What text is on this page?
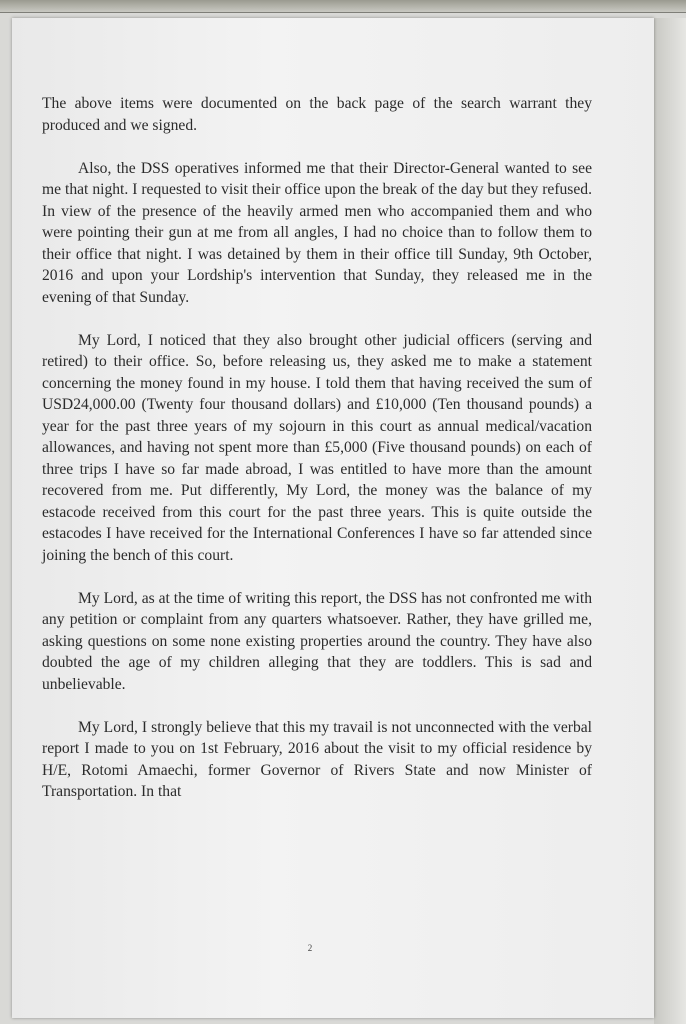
The above items were documented on the back page of the search warrant they produced and we signed.

Also, the DSS operatives informed me that their Director-General wanted to see me that night. I requested to visit their office upon the break of the day but they refused. In view of the presence of the heavily armed men who accompanied them and who were pointing their gun at me from all angles, I had no choice than to follow them to their office that night. I was detained by them in their office till Sunday, 9th October, 2016 and upon your Lordship's intervention that Sunday, they released me in the evening of that Sunday.

My Lord, I noticed that they also brought other judicial officers (serving and retired) to their office. So, before releasing us, they asked me to make a statement concerning the money found in my house. I told them that having received the sum of USD24,000.00 (Twenty four thousand dollars) and £10,000 (Ten thousand pounds) a year for the past three years of my sojourn in this court as annual medical/vacation allowances, and having not spent more than £5,000 (Five thousand pounds) on each of three trips I have so far made abroad, I was entitled to have more than the amount recovered from me. Put differently, My Lord, the money was the balance of my estacode received from this court for the past three years. This is quite outside the estacodes I have received for the International Conferences I have so far attended since joining the bench of this court.

My Lord, as at the time of writing this report, the DSS has not confronted me with any petition or complaint from any quarters whatsoever. Rather, they have grilled me, asking questions on some none existing properties around the country. They have also doubted the age of my children alleging that they are toddlers. This is sad and unbelievable.

My Lord, I strongly believe that this my travail is not unconnected with the verbal report I made to you on 1st February, 2016 about the visit to my official residence by H/E, Rotomi Amaechi, former Governor of Rivers State and now Minister of Transportation. In that

2
